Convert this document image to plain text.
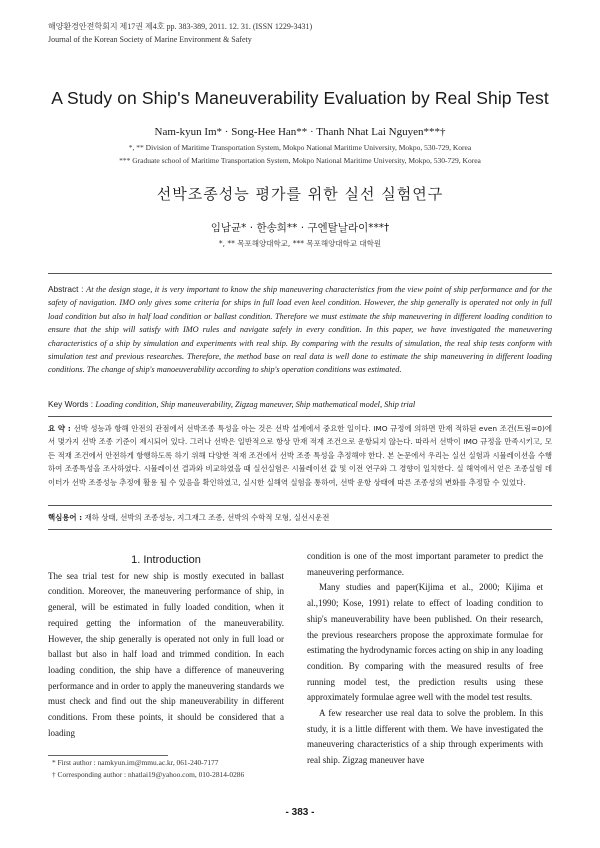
해양환경안전학회지 제17권 제4호 pp. 383-389, 2011. 12. 31. (ISSN 1229-3431)
Journal of the Korean Society of Marine Environment & Safety
A Study on Ship's Maneuverability Evaluation by Real Ship Test
Nam-kyun Im* · Song-Hee Han** · Thanh Nhat Lai Nguyen***†
*, ** Division of Maritime Transportation System, Mokpo National Maritime University, Mokpo, 530-729, Korea
*** Graduate school of Maritime Transportation System, Mokpo National Maritime University, Mokpo, 530-729, Korea
선박조종성능 평가를 위한 실선 실험연구
임남균* · 한송희** · 구엔탈날라이***†
*, ** 목포해양대학교, *** 목포해양대학교 대학원
Abstract : At the design stage, it is very important to know the ship maneuvering characteristics from the view point of ship performance and for the safety of navigation. IMO only gives some criteria for ships in full load even keel condition. However, the ship generally is operated not only in full load condition but also in half load condition or ballast condition. Therefore we must estimate the ship maneuvering in different loading condition to ensure that the ship will satisfy with IMO rules and navigate safely in every condition. In this paper, we have investigated the maneuvering characteristics of a ship by simulation and experiments with real ship. By comparing with the results of simulation, the real ship tests conform with simulation test and previous researches. Therefore, the method base on real data is well done to estimate the ship maneuvering in different loading conditions. The change of ship's manoeuverability according to ship's operation conditions was estimated.
Key Words : Loading condition, Ship maneuverability, Zigzag maneuver, Ship mathematical model, Ship trial
요 약 : 선박 성능과 항해 안전의 관점에서 선박조종 특성을 아는 것은 선박 설계에서 중요한 일이다. IMO 규정에 의하면 만재 적하된 even 조건(트림=0)에서 몇가지 선박 조종 기준이 제시되어 있다. 그러나 선박은 일반적으로 항상 만재 적재 조건으로 운항되지 않는다. 따라서 선박이 IMO 규정을 만족시키고, 모든 적재 조건에서 안전하게 항행하도록 하기 위해 다양한 적재 조건에서 선박 조종 특성을 추정해야 한다. 본 논문에서 우리는 실선 실험과 시뮬레이션을 수행하여 조종특성을 조사하였다. 시뮬레이션 결과와 비교하였을 때 실선실험은 시뮬레이션 값 및 이전 연구와 그 경향이 일치한다. 실 해역에서 얻은 조종실험 데이터가 선박 조종성능 추정에 활용 될 수 있음을 확인하였고, 실시한 실해역 실험을 통하여, 선박 운항 상태에 따른 조종성의 변화를 추정할 수 있었다.
핵심용어 : 재하 상태, 선박의 조종성능, 지그재그 조종, 선박의 수학적 모형, 실선시운전

1. Introduction

The sea trial test for new ship is mostly executed in ballast condition. Moreover, the maneuvering performance of ship, in general, will be estimated in fully loaded condition, when it required getting the information of the maneuverability. However, the ship generally is operated not only in full load or ballast but also in half load and trimmed condition. In each loading condition, the ship have a difference of maneuvering performance and in order to apply the maneuvering standards we must check and find out the ship maneuverability in different conditions. From these points, it should be considered that a loading

condition is one of the most important parameter to predict the maneuvering performance.

Many studies and paper(Kijima et al., 2000; Kijima et al.,1990; Kose, 1991) relate to effect of loading condition to ship's maneuverability have been published. On their research, the previous researchers propose the approximate formulae for estimating the hydrodynamic forces acting on ship in any loading condition. By comparing with the measured results of free running model test, the prediction results using these approximately formulae agree well with the model test results.

A few researcher use real data to solve the problem. In this study, it is a little different with them. We have investigated the maneuvering characteristics of a ship through experiments with real ship. Zigzag maneuver have

* First author : namkyun.im@mmu.ac.kr, 061-240-7177
† Corresponding author : nhatlai19@yahoo.com, 010-2814-0286
- 383 -
